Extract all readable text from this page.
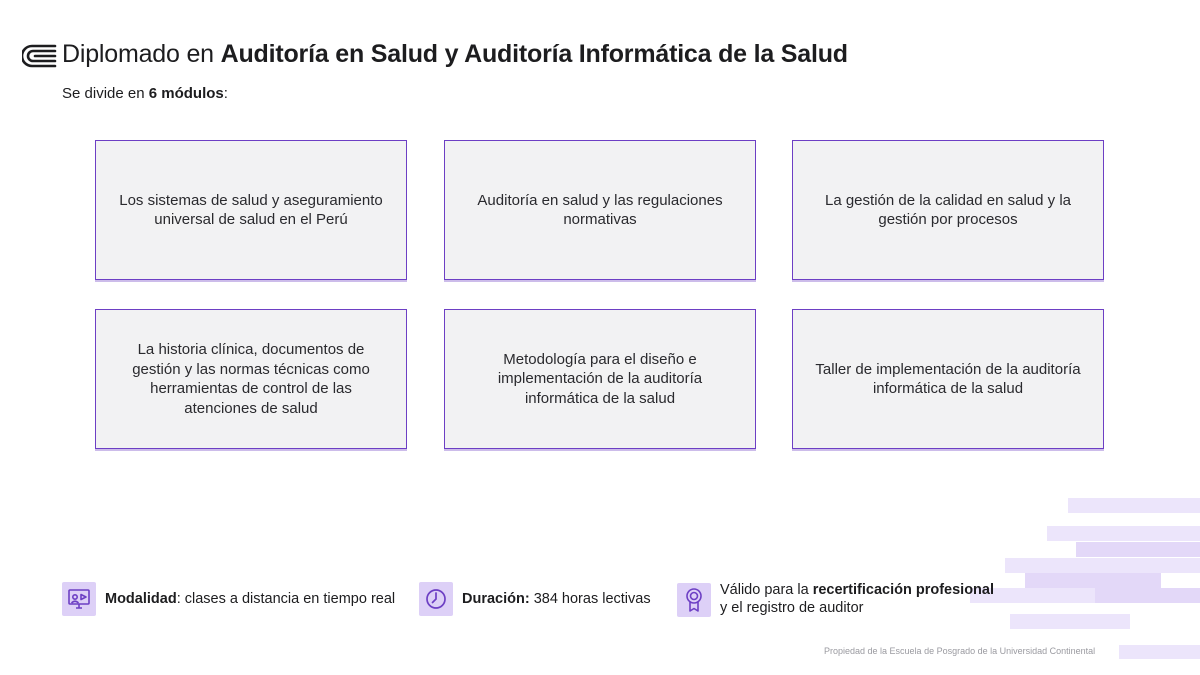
Diplomado en Auditoría en Salud y Auditoría Informática de la Salud
Se divide en 6 módulos:
Los sistemas de salud y aseguramiento universal de salud en el Perú
Auditoría en salud y las regulaciones normativas
La gestión de la calidad en salud y la gestión por procesos
La historia clínica, documentos de gestión y las normas técnicas como herramientas de control de las atenciones de salud
Metodología para el diseño e implementación de la auditoría informática de la salud
Taller de implementación de la auditoría informática de la salud
Modalidad: clases a distancia en tiempo real	Duración: 384 horas lectivas
Válido para la recertificación profesional
y el registro de auditor
Propiedad de la Escuela de Posgrado de la Universidad Continental
